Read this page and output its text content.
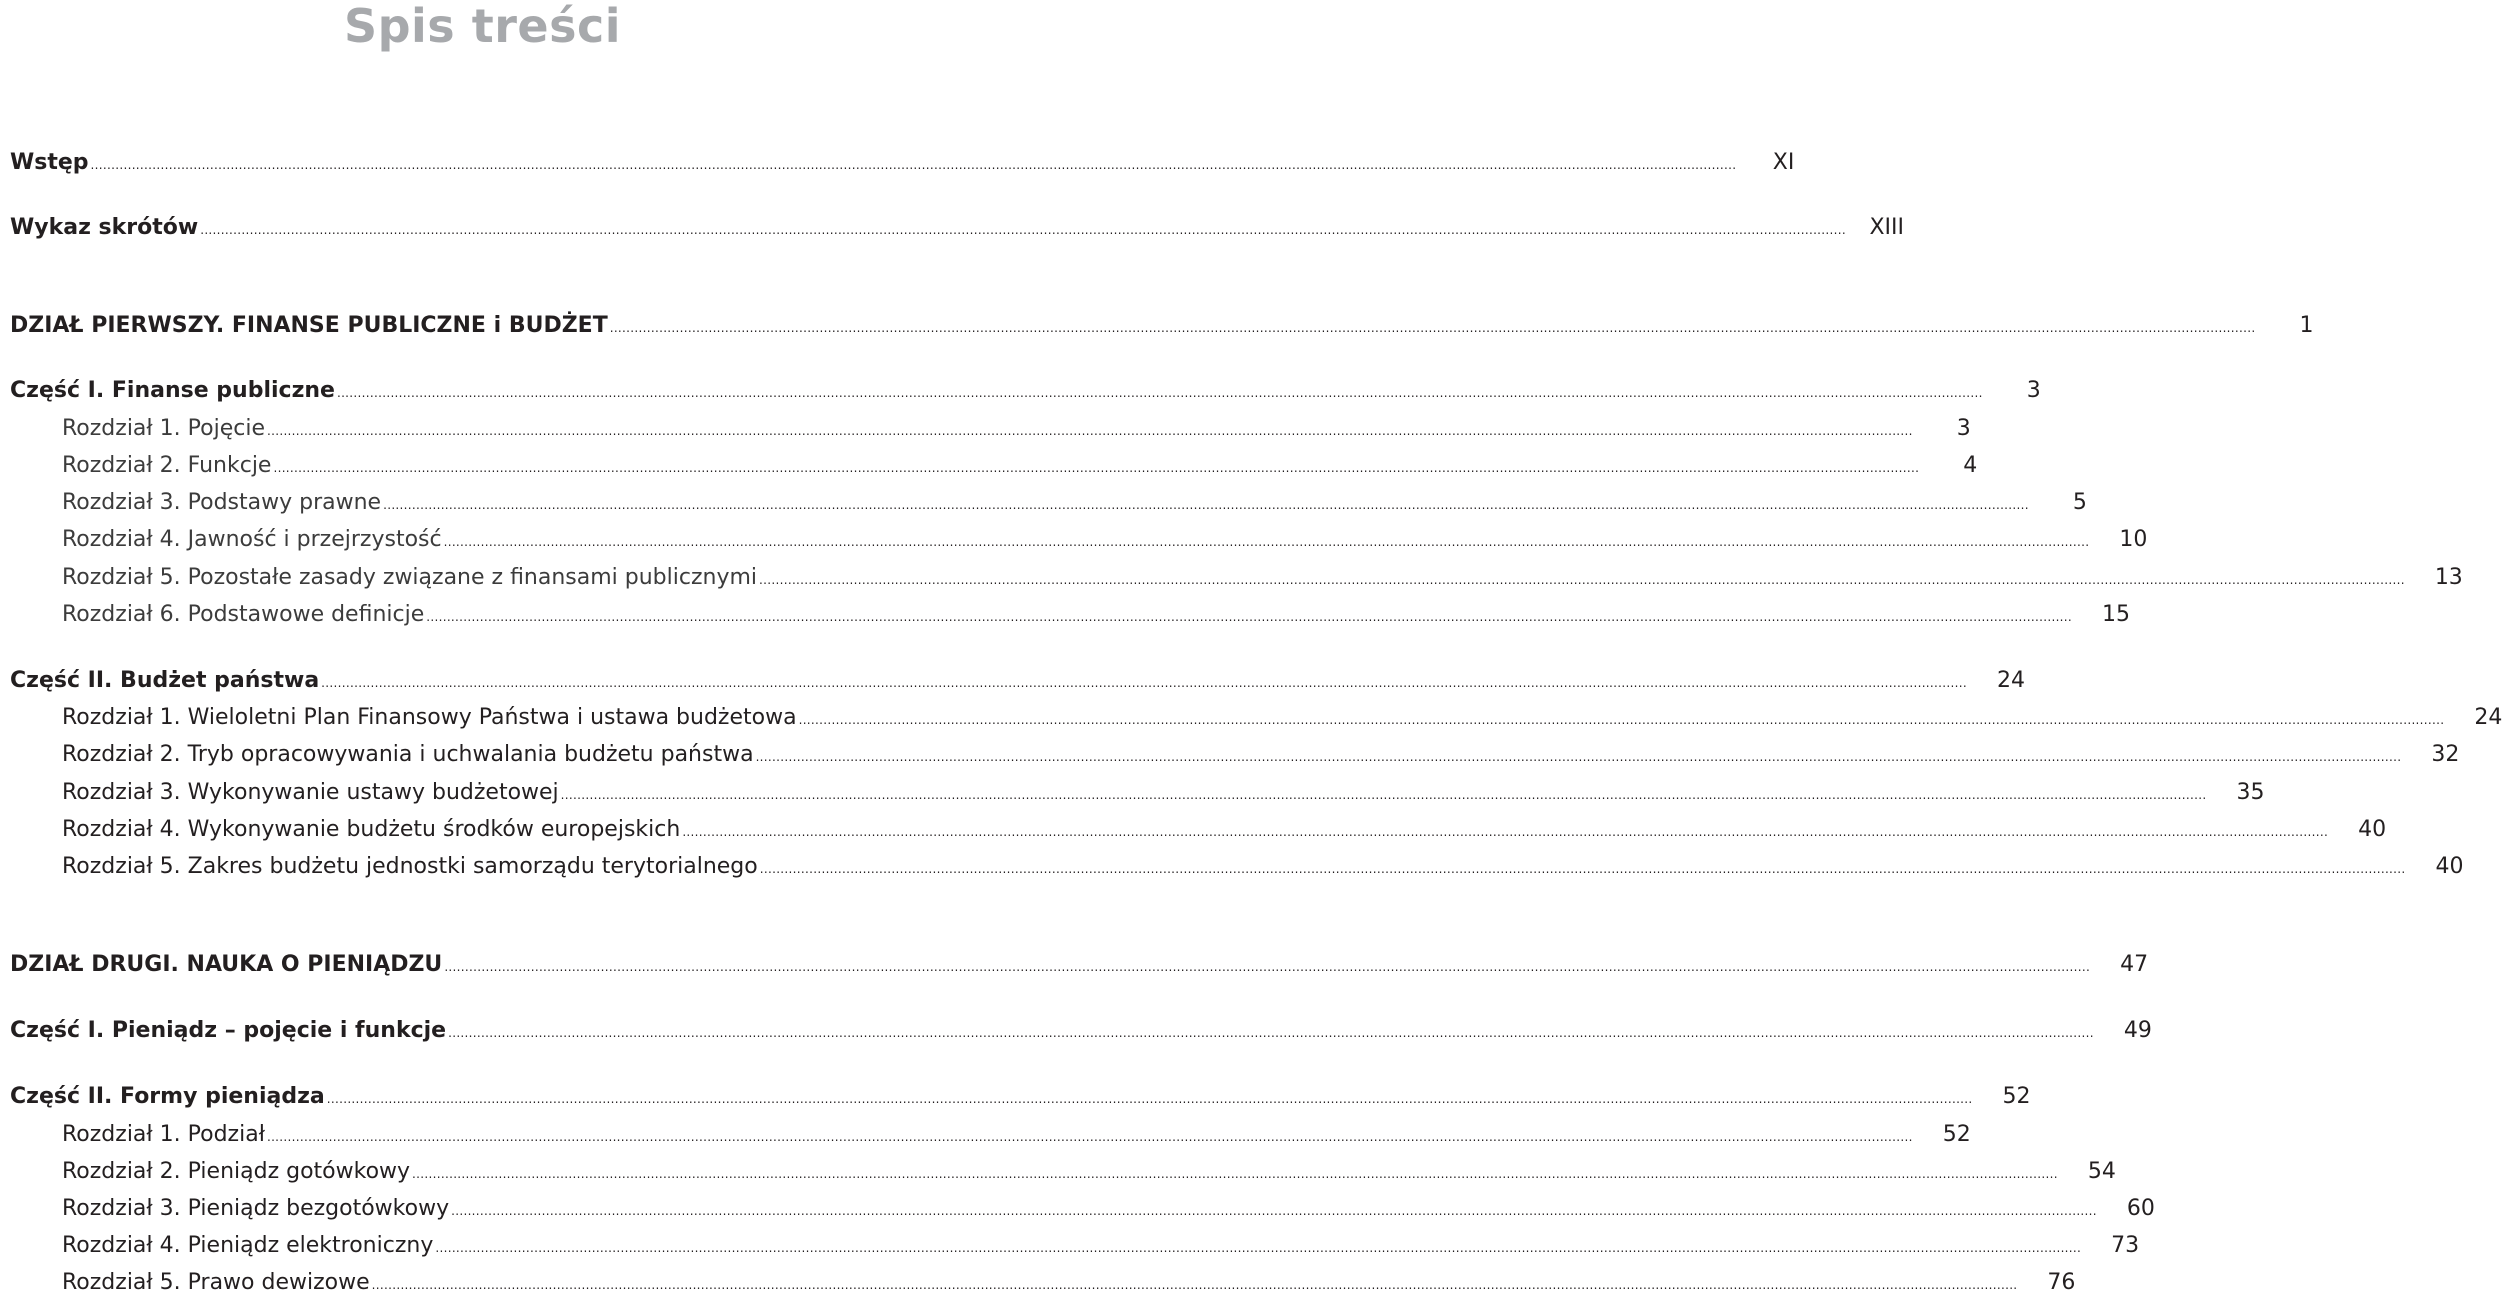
Spis treści
Wstęp ................................................................................................................................................................................................................................................................................................................................................................................................................	XI
Wykaz skrótów ................................................................................................................................................................................................................................................................................................................................................................................................................	XIII
DZIAŁ PIERWSZY. FINANSE PUBLICZNE i BUDŻET ................................................................................................................................................................................................................................................................................................................................................................................................................	1
Część I. Finanse publiczne ................................................................................................................................................................................................................................................................................................................................................................................................................	3
Rozdział 1. Pojęcie ................................................................................................................................................................................................................................................................................................................................................................................................................	3
Rozdział 2. Funkcje ................................................................................................................................................................................................................................................................................................................................................................................................................	4
Rozdział 3. Podstawy prawne ................................................................................................................................................................................................................................................................................................................................................................................................................	5
Rozdział 4. Jawność i przejrzystość ................................................................................................................................................................................................................................................................................................................................................................................................................	10
Rozdział 5. Pozostałe zasady związane z finansami publicznymi ................................................................................................................................................................................................................................................................................................................................................................................................................	13
Rozdział 6. Podstawowe definicje ................................................................................................................................................................................................................................................................................................................................................................................................................	15
Część II. Budżet państwa ................................................................................................................................................................................................................................................................................................................................................................................................................	24
Rozdział 1. Wieloletni Plan Finansowy Państwa i ustawa budżetowa ................................................................................................................................................................................................................................................................................................................................................................................................................	24
Rozdział 2. Tryb opracowywania i uchwalania budżetu państwa ................................................................................................................................................................................................................................................................................................................................................................................................................	32
Rozdział 3. Wykonywanie ustawy budżetowej ................................................................................................................................................................................................................................................................................................................................................................................................................	35
Rozdział 4. Wykonywanie budżetu środków europejskich ................................................................................................................................................................................................................................................................................................................................................................................................................	40
Rozdział 5. Zakres budżetu jednostki samorządu terytorialnego ................................................................................................................................................................................................................................................................................................................................................................................................................	40
DZIAŁ DRUGI. NAUKA O PIENIĄDZU ................................................................................................................................................................................................................................................................................................................................................................................................................	47
Część I. Pieniądz – pojęcie i funkcje ................................................................................................................................................................................................................................................................................................................................................................................................................	49
Część II. Formy pieniądza ................................................................................................................................................................................................................................................................................................................................................................................................................	52
Rozdział 1. Podział ................................................................................................................................................................................................................................................................................................................................................................................................................	52
Rozdział 2. Pieniądz gotówkowy ................................................................................................................................................................................................................................................................................................................................................................................................................	54
Rozdział 3. Pieniądz bezgotówkowy ................................................................................................................................................................................................................................................................................................................................................................................................................	60
Rozdział 4. Pieniądz elektroniczny ................................................................................................................................................................................................................................................................................................................................................................................................................	73
Rozdział 5. Prawo dewizowe ................................................................................................................................................................................................................................................................................................................................................................................................................	76
